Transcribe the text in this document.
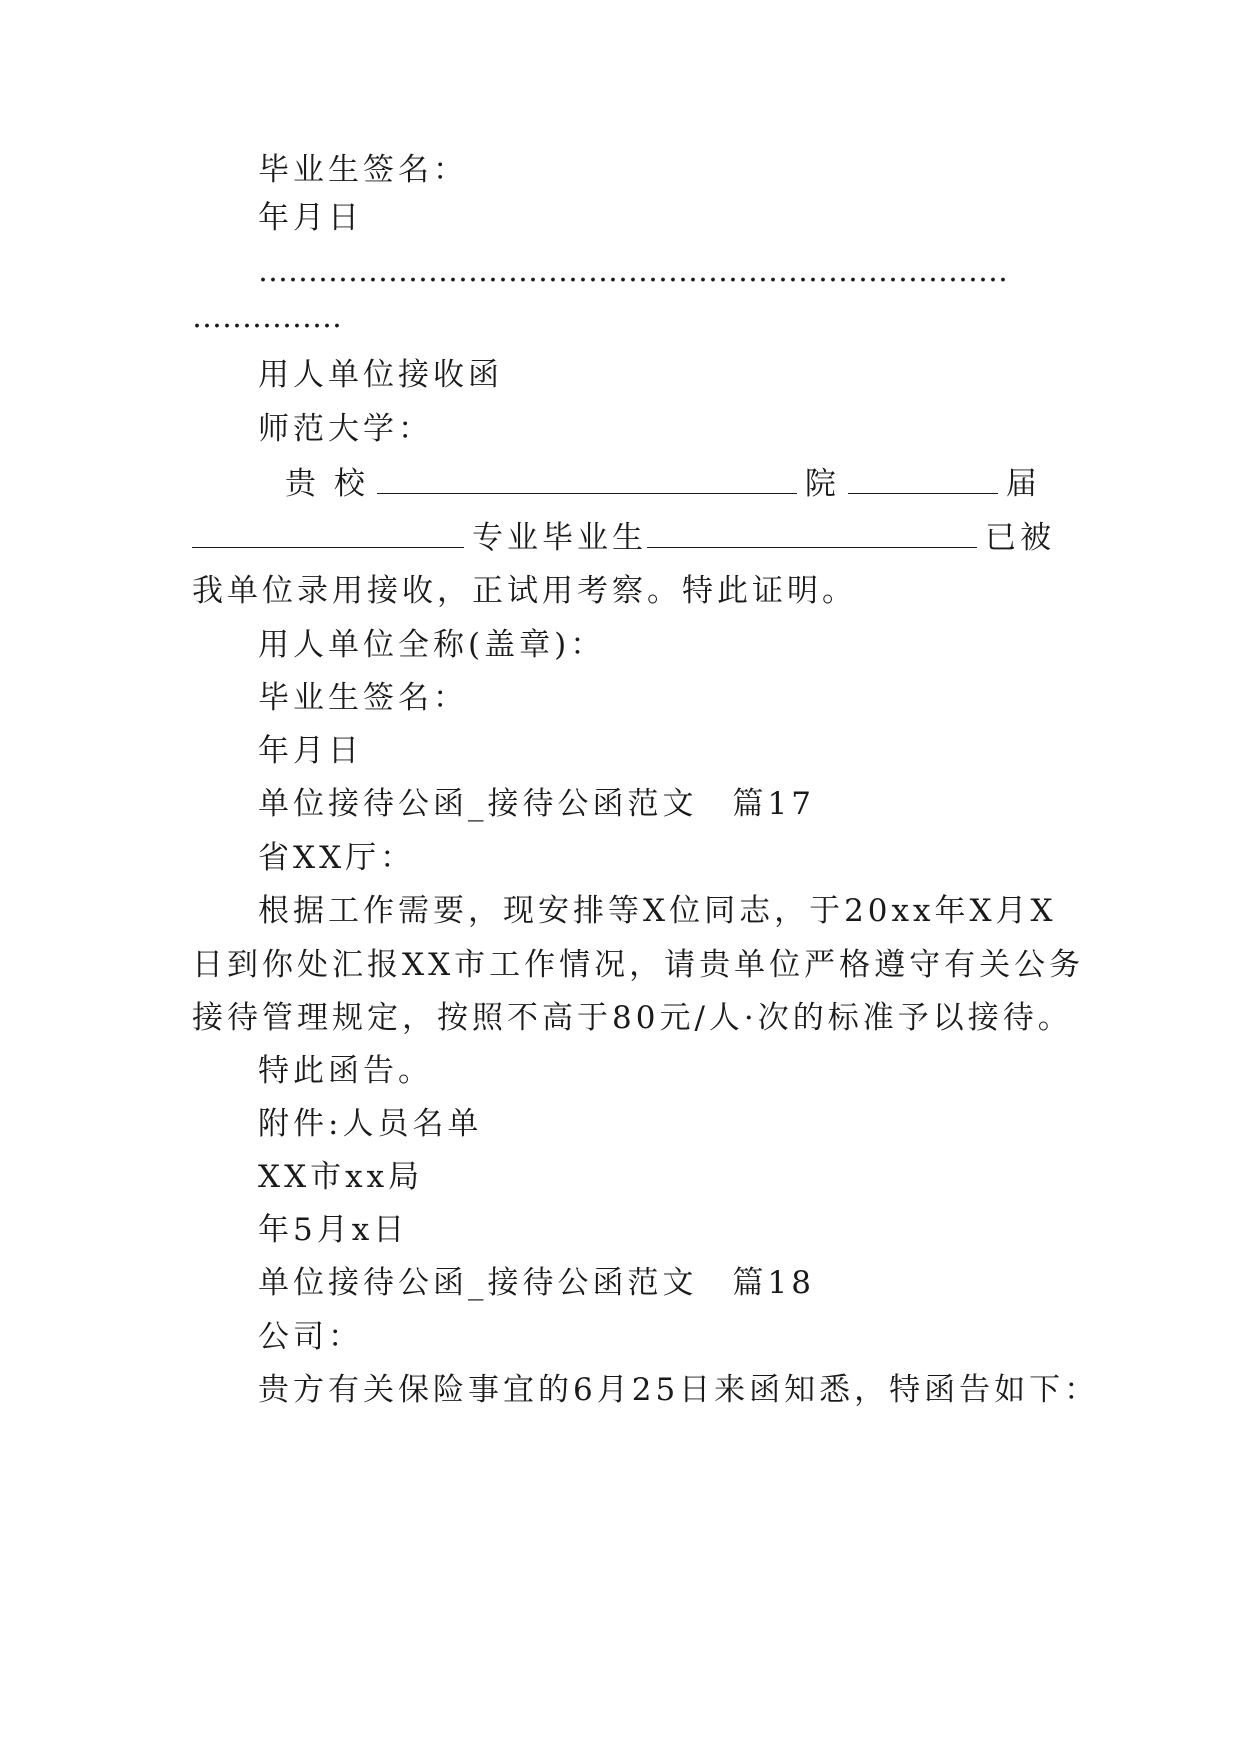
毕业生签名：
年月日
…………………………………………………………………
……………
用人单位接收函
师范大学：
贵 校	院	届
专业毕业生	已被
我单位录用接收，正试用考察。特此证明。
用人单位全称(盖章)：
毕业生签名：
年月日
单位接待公函_接待公函范文　篇17
省XX厅：
根据工作需要，现安排等X位同志，于20xx年X月X
日到你处汇报XX市工作情况，请贵单位严格遵守有关公务
接待管理规定，按照不高于80元/人·次的标准予以接待。
特此函告。
附件:人员名单
XX市xx局
年5月x日
单位接待公函_接待公函范文　篇18
公司：
贵方有关保险事宜的6月25日来函知悉，特函告如下：
